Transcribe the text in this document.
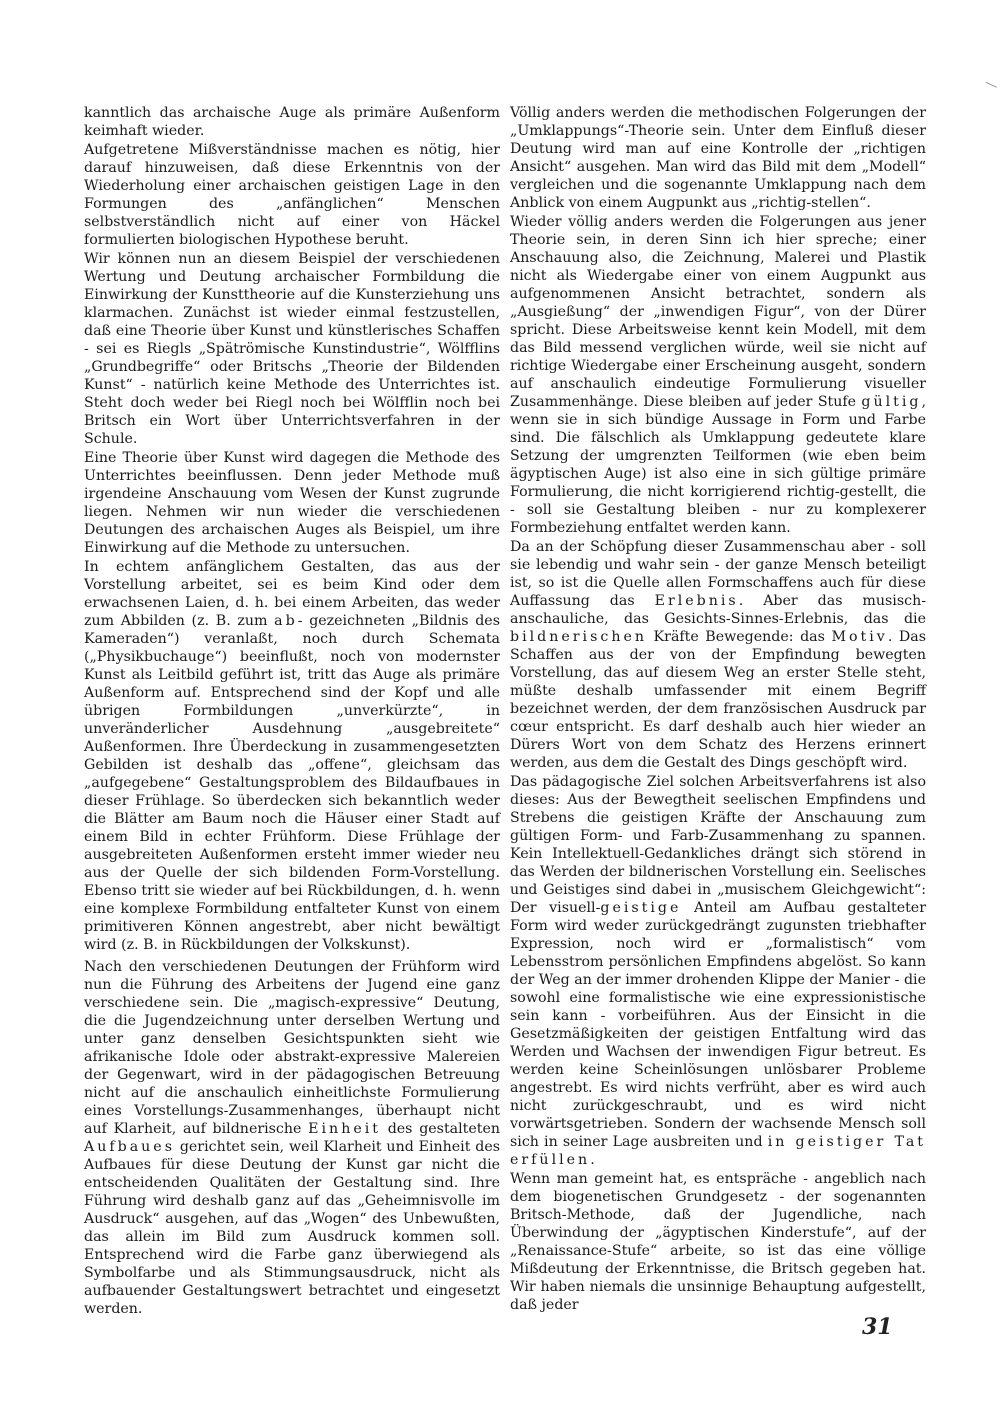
kanntlich das archaische Auge als primäre Außenform keimhaft wieder.

Aufgetretene Mißverständnisse machen es nötig, hier darauf hinzuweisen, daß diese Erkenntnis von der Wiederholung einer archaischen geistigen Lage in den Formungen des „anfänglichen“ Menschen selbstverständlich nicht auf einer von Häckel formulierten biologischen Hypothese beruht.

Wir können nun an diesem Beispiel der verschiedenen Wertung und Deutung archaischer Formbildung die Einwirkung der Kunsttheorie auf die Kunsterziehung uns klarmachen. Zunächst ist wieder einmal festzustellen, daß eine Theorie über Kunst und künstlerisches Schaffen - sei es Riegls „Spätrömische Kunstindustrie“, Wölfflins „Grundbegriffe“ oder Britschs „Theorie der Bildenden Kunst“ - natürlich keine Methode des Unterrichtes ist. Steht doch weder bei Riegl noch bei Wölfflin noch bei Britsch ein Wort über Unterrichtsverfahren in der Schule.

Eine Theorie über Kunst wird dagegen die Methode des Unterrichtes beeinflussen. Denn jeder Methode muß irgendeine Anschauung vom Wesen der Kunst zugrunde liegen. Nehmen wir nun wieder die verschiedenen Deutungen des archaischen Auges als Beispiel, um ihre Einwirkung auf die Methode zu untersuchen.

In echtem anfänglichem Gestalten, das aus der Vorstellung arbeitet, sei es beim Kind oder dem erwachsenen Laien, d. h. bei einem Arbeiten, das weder zum Abbilden (z. B. zum ab- gezeichneten „Bildnis des Kameraden“) veranlaßt, noch durch Schemata („Physikbuchauge“) beeinflußt, noch von modernster Kunst als Leitbild geführt ist, tritt das Auge als primäre Außenform auf. Entsprechend sind der Kopf und alle übrigen Formbildungen „unverkürzte“, in unveränderlicher Ausdehnung „ausgebreitete“ Außenformen. Ihre Überdeckung in zusammengesetzten Gebilden ist deshalb das „offene“, gleichsam das „aufgegebene“ Gestaltungsproblem des Bildaufbaues in dieser Frühlage. So überdecken sich bekanntlich weder die Blätter am Baum noch die Häuser einer Stadt auf einem Bild in echter Frühform. Diese Frühlage der ausgebreiteten Außenformen ersteht immer wieder neu aus der Quelle der sich bildenden Form-Vorstellung. Ebenso tritt sie wieder auf bei Rückbildungen, d. h. wenn eine komplexe Formbildung entfalteter Kunst von einem primitiveren Können angestrebt, aber nicht bewältigt wird (z. B. in Rückbildungen der Volkskunst).

Nach den verschiedenen Deutungen der Frühform wird nun die Führung des Arbeitens der Jugend eine ganz verschiedene sein. Die „magisch-expressive“ Deutung, die die Jugendzeichnung unter derselben Wertung und unter ganz denselben Gesichtspunkten sieht wie afrikanische Idole oder abstrakt-expressive Malereien der Gegenwart, wird in der pädagogischen Betreuung nicht auf die anschaulich einheitlichste Formulierung eines Vorstellungs-Zusammenhanges, überhaupt nicht auf Klarheit, auf bildnerische Einheit des gestalteten Aufbaues gerichtet sein, weil Klarheit und Einheit des Aufbaues für diese Deutung der Kunst gar nicht die entscheidenden Qualitäten der Gestaltung sind. Ihre Führung wird deshalb ganz auf das „Geheimnisvolle im Ausdruck“ ausgehen, auf das „Wogen“ des Unbewußten, das allein im Bild zum Ausdruck kommen soll. Entsprechend wird die Farbe ganz überwiegend als Symbolfarbe und als Stimmungsausdruck, nicht als aufbauender Gestaltungswert betrachtet und eingesetzt werden.

Völlig anders werden die methodischen Folgerungen der „Umklappungs“-Theorie sein. Unter dem Einfluß dieser Deutung wird man auf eine Kontrolle der „richtigen Ansicht“ ausgehen. Man wird das Bild mit dem „Modell“ vergleichen und die sogenannte Umklappung nach dem Anblick von einem Augpunkt aus „richtig-stellen“.

Wieder völlig anders werden die Folgerungen aus jener Theorie sein, in deren Sinn ich hier spreche; einer Anschauung also, die Zeichnung, Malerei und Plastik nicht als Wiedergabe einer von einem Augpunkt aus aufgenommenen Ansicht betrachtet, sondern als „Ausgießung“ der „inwendigen Figur“, von der Dürer spricht. Diese Arbeitsweise kennt kein Modell, mit dem das Bild messend verglichen würde, weil sie nicht auf richtige Wiedergabe einer Erscheinung ausgeht, sondern auf anschaulich eindeutige Formulierung visueller Zusammenhänge. Diese bleiben auf jeder Stufe gültig, wenn sie in sich bündige Aussage in Form und Farbe sind. Die fälschlich als Umklappung gedeutete klare Setzung der umgrenzten Teilformen (wie eben beim ägyptischen Auge) ist also eine in sich gültige primäre Formulierung, die nicht korrigierend richtig-gestellt, die - soll sie Gestaltung bleiben - nur zu komplexerer Formbeziehung entfaltet werden kann.

Da an der Schöpfung dieser Zusammenschau aber - soll sie lebendig und wahr sein - der ganze Mensch beteiligt ist, so ist die Quelle allen Formschaffens auch für diese Auffassung das Erlebnis. Aber das musisch-anschauliche, das Gesichts-Sinnes-Erlebnis, das die bildnerischen Kräfte Bewegende: das Motiv. Das Schaffen aus der von der Empfindung bewegten Vorstellung, das auf diesem Weg an erster Stelle steht, müßte deshalb umfassender mit einem Begriff bezeichnet werden, der dem französischen Ausdruck par cœur entspricht. Es darf deshalb auch hier wieder an Dürers Wort von dem Schatz des Herzens erinnert werden, aus dem die Gestalt des Dings geschöpft wird.

Das pädagogische Ziel solchen Arbeitsverfahrens ist also dieses: Aus der Bewegtheit seelischen Empfindens und Strebens die geistigen Kräfte der Anschauung zum gültigen Form- und Farb-Zusammenhang zu spannen. Kein Intellektuell-Gedankliches drängt sich störend in das Werden der bildnerischen Vorstellung ein. Seelisches und Geistiges sind dabei in „musischem Gleichgewicht“: Der visuell-geistige Anteil am Aufbau gestalteter Form wird weder zurückgedrängt zugunsten triebhafter Expression, noch wird er „formalistisch“ vom Lebensstrom persönlichen Empfindens abgelöst. So kann der Weg an der immer drohenden Klippe der Manier - die sowohl eine formalistische wie eine expressionistische sein kann - vorbeiführen. Aus der Einsicht in die Gesetzmäßigkeiten der geistigen Entfaltung wird das Werden und Wachsen der inwendigen Figur betreut. Es werden keine Scheinlösungen unlösbarer Probleme angestrebt. Es wird nichts verfrüht, aber es wird auch nicht zurückgeschraubt, und es wird nicht vorwärtsgetrieben. Sondern der wachsende Mensch soll sich in seiner Lage ausbreiten und in geistiger Tat erfüllen.

Wenn man gemeint hat, es entspräche - angeblich nach dem biogenetischen Grundgesetz - der sogenannten Britsch-Methode, daß der Jugendliche, nach Überwindung der „ägyptischen Kinderstufe“, auf der „Renaissance-Stufe“ arbeite, so ist das eine völlige Mißdeutung der Erkenntnisse, die Britsch gegeben hat. Wir haben niemals die unsinnige Behauptung aufgestellt, daß jeder

31
